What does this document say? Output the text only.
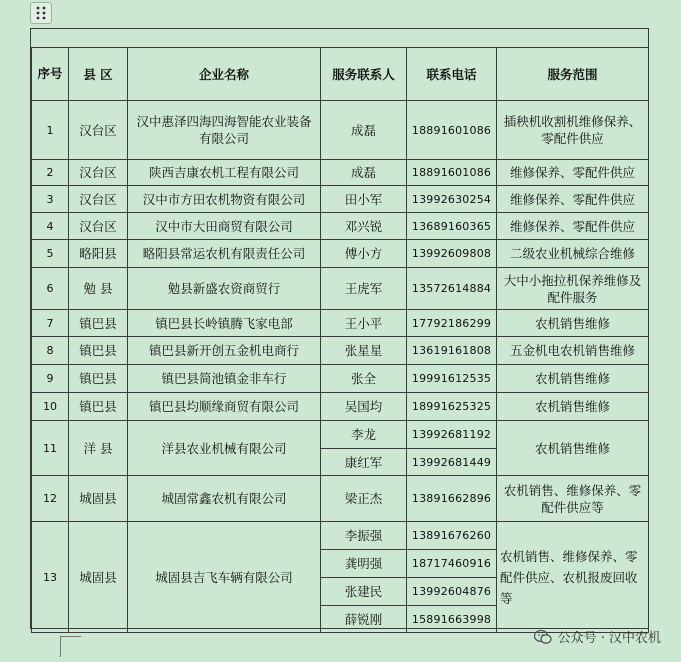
序号	县 区	企业名称	服务联系人	联系电话	服务范围
1	汉台区	汉中惠泽四海四海智能农业装备有限公司	成磊	18891601086	插秧机收割机维修保养、零配件供应
2	汉台区	陕西吉康农机工程有限公司	成磊	18891601086	维修保养、零配件供应
3	汉台区	汉中市方田农机物资有限公司	田小军	13992630254	维修保养、零配件供应
4	汉台区	汉中市大田商贸有限公司	邓兴锐	13689160365	维修保养、零配件供应
5	略阳县	略阳县常运农机有限责任公司	傅小方	13992609808	二级农业机械综合维修
6	勉 县	勉县新盛农资商贸行	王虎军	13572614884	大中小拖拉机保养维修及配件服务
7	镇巴县	镇巴县长岭镇腾飞家电部	王小平	17792186299	农机销售维修
8	镇巴县	镇巴县新开创五金机电商行	张星星	13619161808	五金机电农机销售维修
9	镇巴县	镇巴县简池镇金非车行	张全	19991612535	农机销售维修
10	镇巴县	镇巴县均顺缘商贸有限公司	吴国均	18991625325	农机销售维修
11	洋 县	洋县农业机械有限公司	李龙	13992681192	农机销售维修
			康红军	13992681449	
12	城固县	城固常鑫农机有限公司	梁正杰	13891662896	农机销售、维修保养、零配件供应等
13	城固县	城固县吉飞车辆有限公司	李振强	13891676260	农机销售、维修保养、零配件供应、农机报废回收等
			龚明强	18717460916	
			张建民	13992604876	
			薛锐刚	15891663998	
公众号 · 汉中农机
